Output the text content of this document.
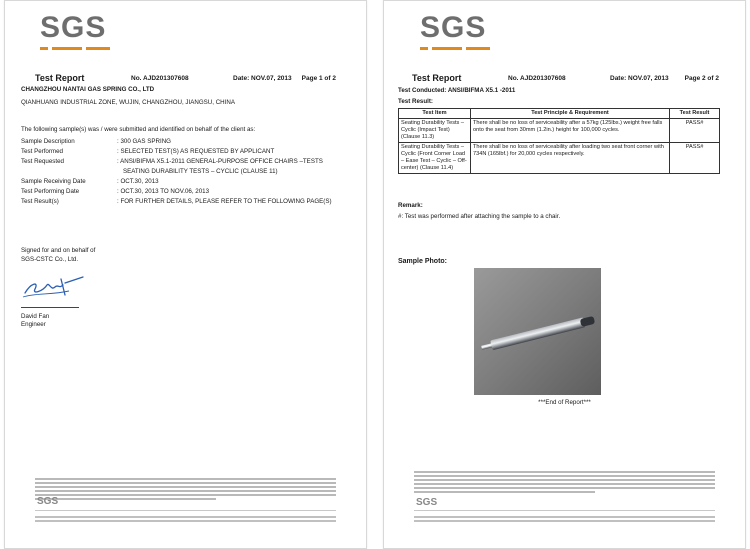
SGS
Test Report	No. AJD201307608	Date: NOV.07, 2013 Page 1 of 2
CHANGZHOU NANTAI GAS SPRING CO., LTD
QIANHUANG INDUSTRIAL ZONE, WUJIN, CHANGZHOU, JIANGSU, CHINA
The following sample(s) was / were submitted and identified on behalf of the client as:
Sample Description	: 300 GAS SPRING
Test Performed	: SELECTED TEST(S) AS REQUESTED BY APPLICANT
Test Requested	: ANSI/BIFMA X5.1-2011 GENERAL-PURPOSE OFFICE CHAIRS –TESTS
SEATING DURABILITY TESTS – CYCLIC (CLAUSE 11)
Sample Receiving Date	: OCT.30, 2013
Test Performing Date	: OCT.30, 2013 TO NOV.06, 2013
Test Result(s)	: FOR FURTHER DETAILS, PLEASE REFER TO THE FOLLOWING PAGE(S)
Signed for and on behalf of
SGS-CSTC Co., Ltd.
David Fan
Engineer
SGS
SGS
Test Report	No. AJD201307608	Date: NOV.07, 2013 Page 2 of 2
Test Conducted: ANSI/BIFMA X5.1 -2011
Test Result:
Test Item	Test Principle & Requirement	Test Result
Seating Durability Tests – Cyclic (Impact Test) (Clause 11.3)	There shall be no loss of serviceability after a 57kg (125lbs.) weight free falls onto the seat from 30mm (1.2in.) height for 100,000 cycles.	PASS#
Seating Durability Tests – Cyclic (Front Corner Load – Ease Test – Cyclic – Off-center) (Clause 11.4)	There shall be no loss of serviceability after loading two seat front corner with 734N (165lbf.) for 20,000 cycles respectively.	PASS#
Remark:
#: Test was performed after attaching the sample to a chair.
Sample Photo:
***End of Report***
SGS
